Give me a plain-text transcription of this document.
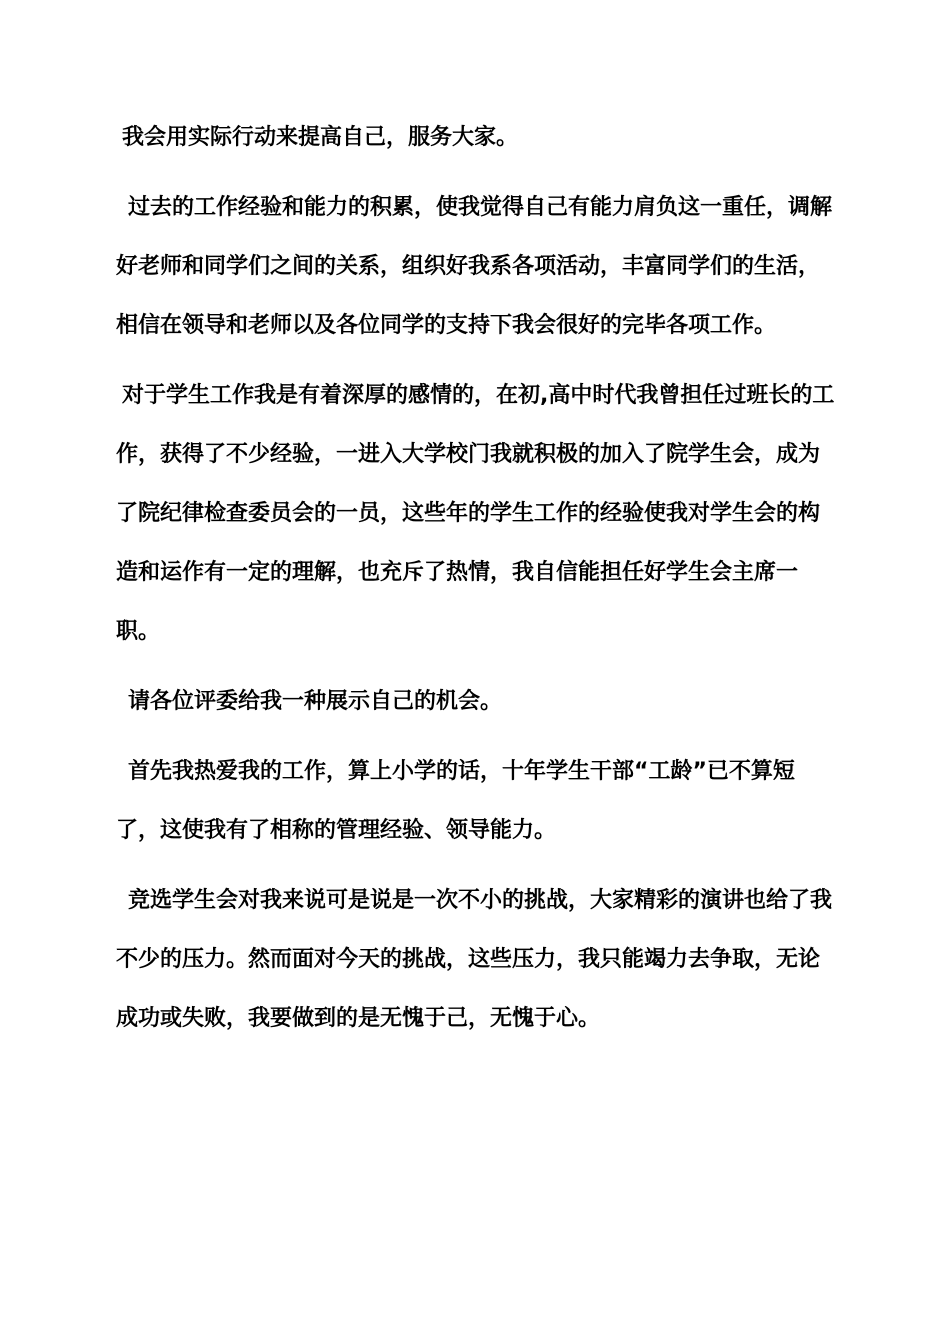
我会用实际行动来提高自己，服务大家。

过去的工作经验和能力的积累，使我觉得自己有能力肩负这一重任，调解好老师和同学们之间的关系，组织好我系各项活动，丰富同学们的生活，相信在领导和老师以及各位同学的支持下我会很好的完毕各项工作。

对于学生工作我是有着深厚的感情的，在初,高中时代我曾担任过班长的工作，获得了不少经验，一进入大学校门我就积极的加入了院学生会，成为了院纪律检查委员会的一员，这些年的学生工作的经验使我对学生会的构造和运作有一定的理解，也充斥了热情，我自信能担任好学生会主席一职。

请各位评委给我一种展示自己的机会。

首先我热爱我的工作，算上小学的话，十年学生干部“工龄”已不算短了，这使我有了相称的管理经验、领导能力。

竞选学生会对我来说可是说是一次不小的挑战，大家精彩的演讲也给了我不少的压力。然而面对今天的挑战，这些压力，我只能竭力去争取，无论成功或失败，我要做到的是无愧于己，无愧于心。
